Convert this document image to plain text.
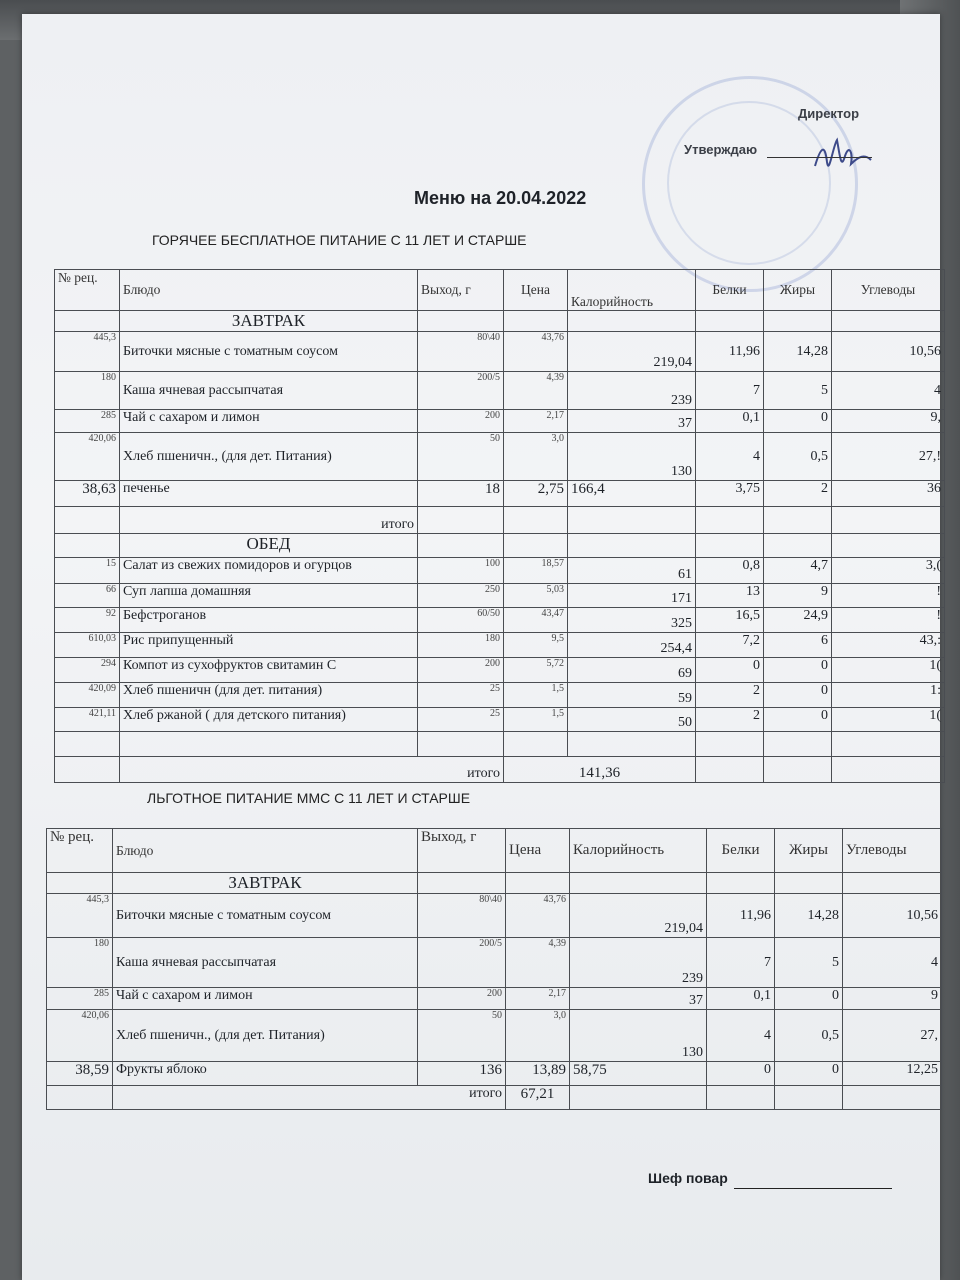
Директор
Утверждаю
Меню на 20.04.2022
ГОРЯЧЕЕ БЕСПЛАТНОЕ ПИТАНИЕ С 11 ЛЕТ И СТАРШЕ
ЛЬГОТНОЕ ПИТАНИЕ ММС С 11 ЛЕТ И СТАРШЕ
№ рец.	Блюдо	Выход, г	Цена	Калорийность	Белки	Жиры	Углеводы
	ЗАВТРАК						
445,3	Биточки мясные с томатным соусом	80\40	43,76	219,04	11,96	14,28	10,56
180	Каша ячневая рассыпчатая	200/5	4,39	239	7	5	4
285	Чай с сахаром и лимон	200	2,17	37	0,1	0	9,
420,06	Хлеб пшеничн., (для дет. Питания)	50	3,0	130	4	0,5	27,!
38,63	печенье	18	2,75	166,4	3,75	2	36
	итого						
	ОБЕД						
15	Салат из свежих помидоров и огурцов	100	18,57	61	0,8	4,7	3,(
66	Суп лапша домашняя	250	5,03	171	13	9	!
92	Бефстроганов	60/50	43,47	325	16,5	24,9	!
610,03	Рис припущенный	180	9,5	254,4	7,2	6	43,:
294	Компот из сухофруктов свитамин С	200	5,72	69	0	0	1(
420,09	Хлеб пшеничн (для дет. питания)	25	1,5	59	2	0	1:
421,11	Хлеб ржаной ( для детского питания)	25	1,5	50	2	0	1(

	итого		141,36				
№ рец.	Блюдо	Выход, г	Цена	Калорийность	Белки	Жиры	Углеводы
	ЗАВТРАК						
445,3	Биточки мясные с томатным соусом	80\40	43,76	219,04	11,96	14,28	10,56
180	Каша ячневая рассыпчатая	200/5	4,39	239	7	5	4
285	Чай с сахаром и лимон	200	2,17	37	0,1	0	9
420,06	Хлеб пшеничн., (для дет. Питания)	50	3,0	130	4	0,5	27,
38,59	Фрукты яблоко	136	13,89	58,75	0	0	12,25
	итого		67,21				
Шеф повар
